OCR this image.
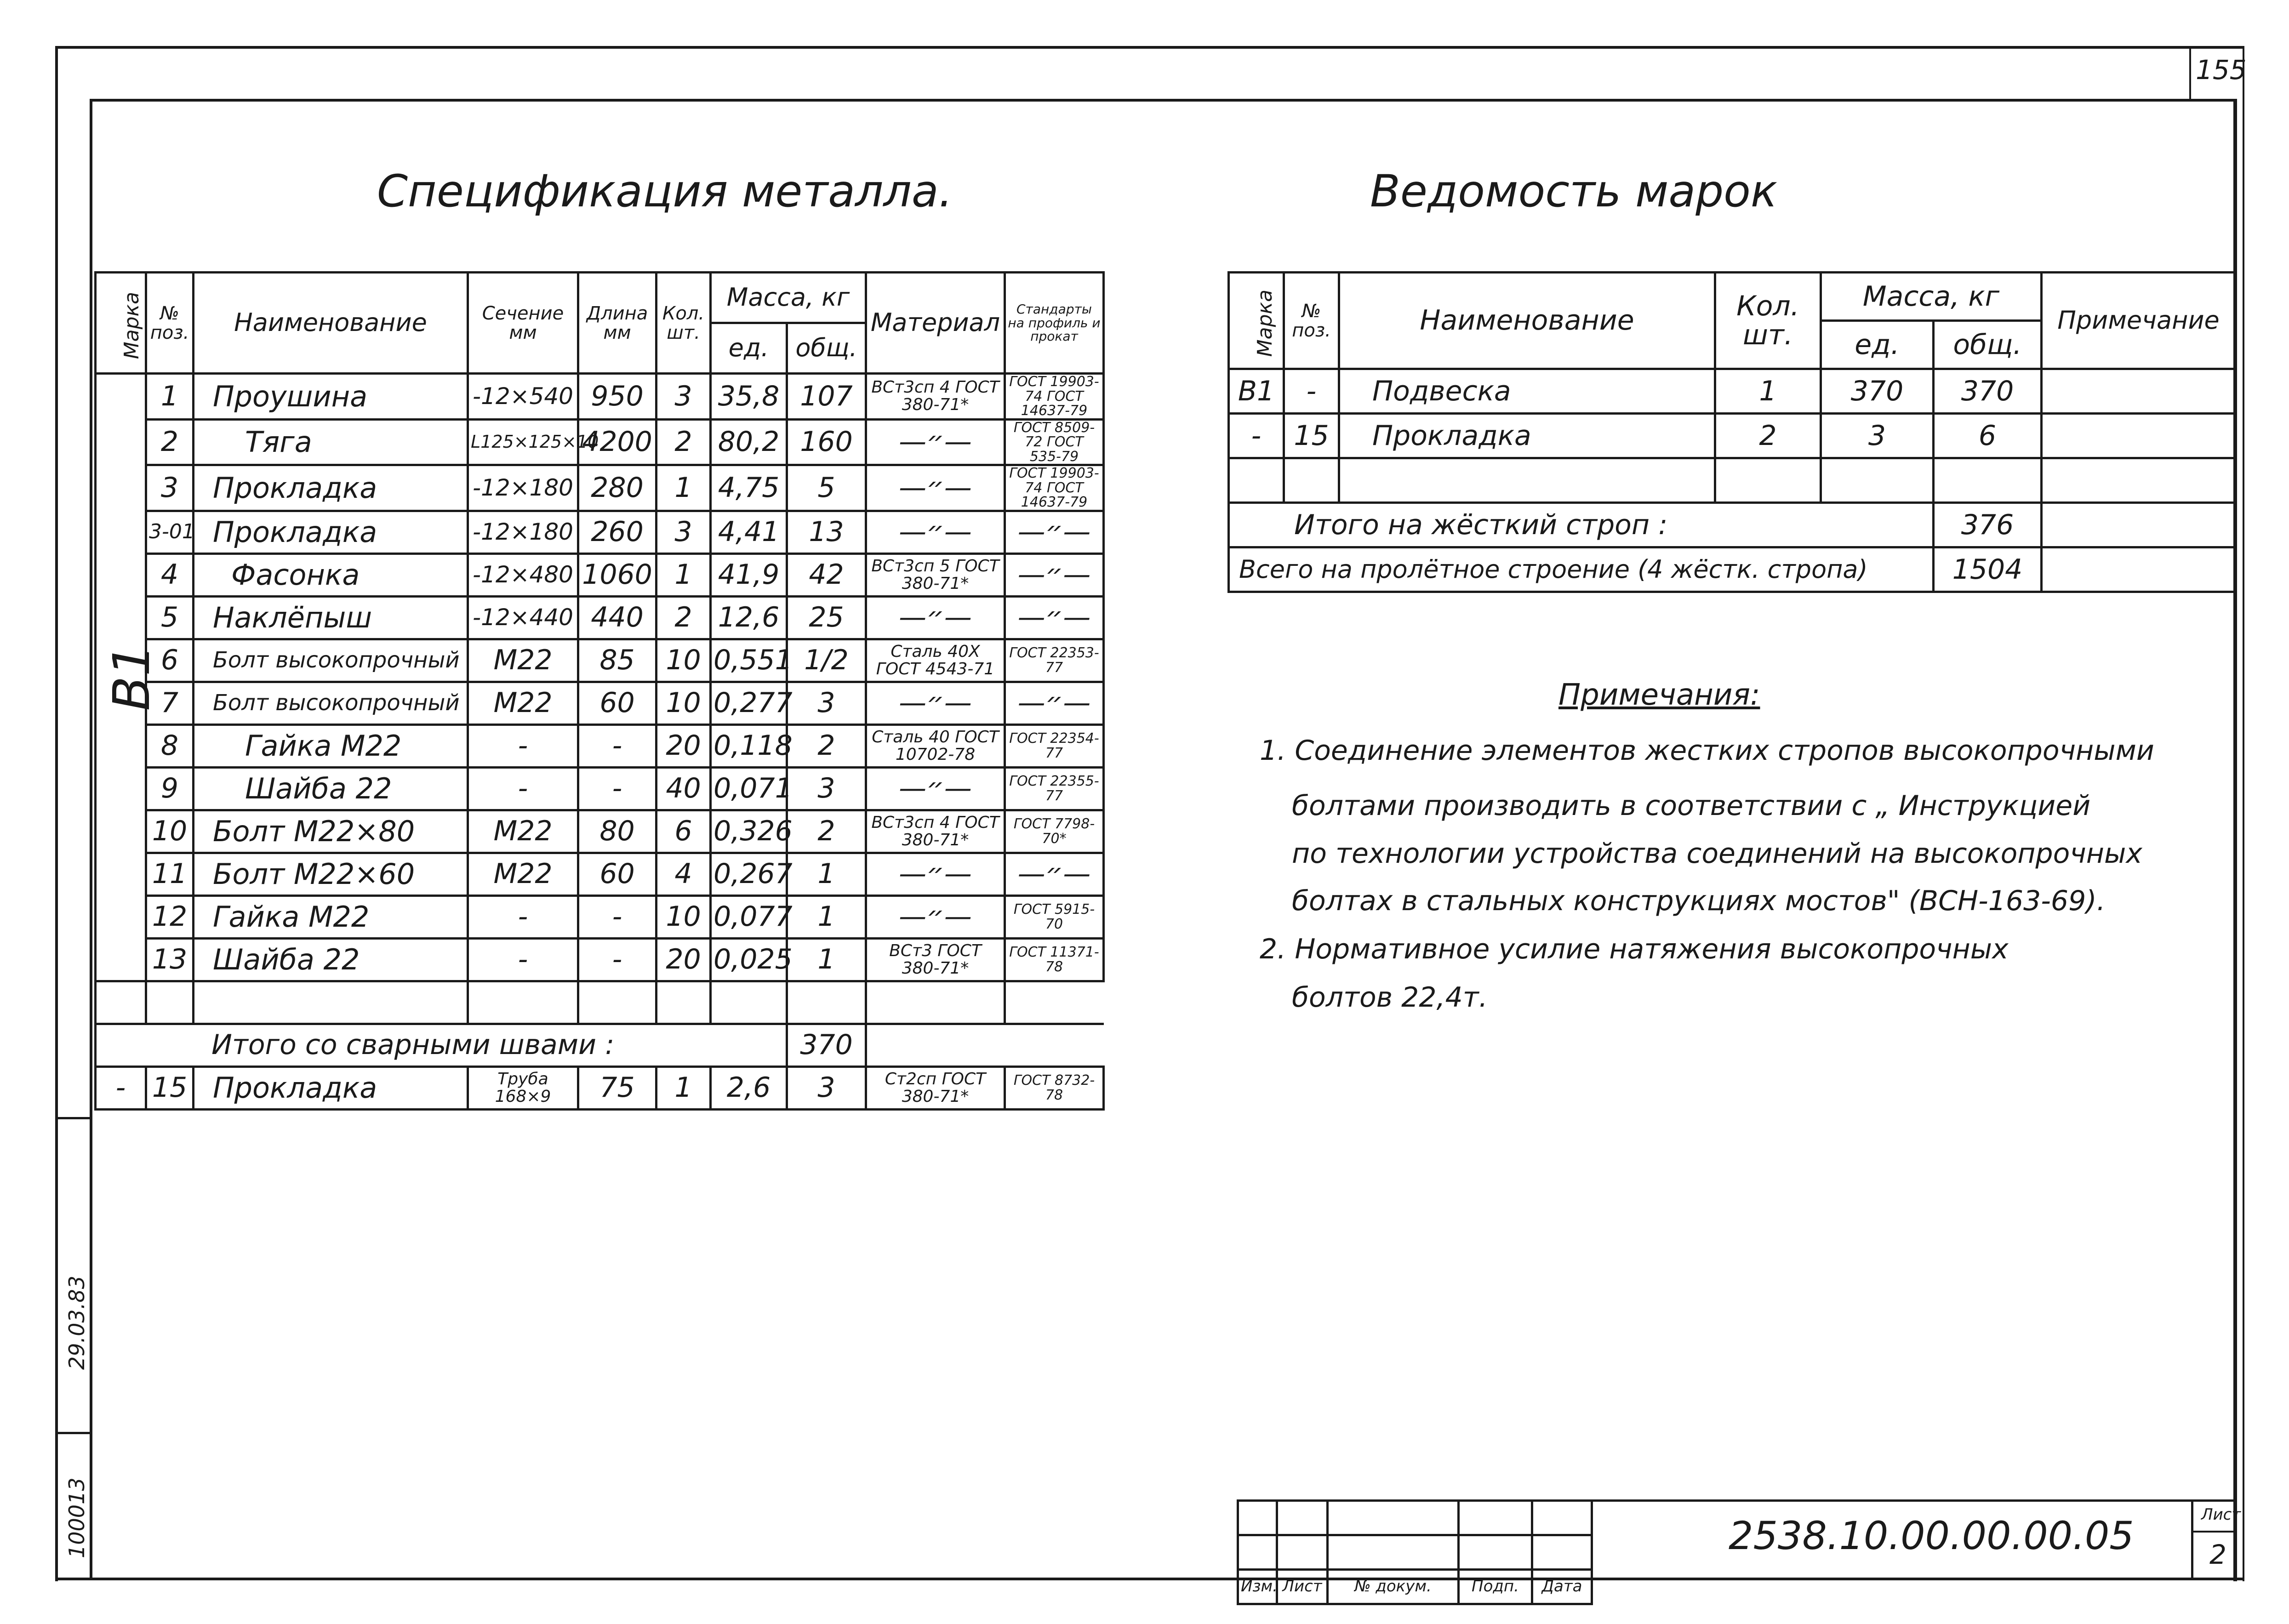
155
29.03.83
100013
Спецификация металла.	Ведомость марок
Марка	№ поз.	Наименование	Сечение мм	Длина мм	Кол. шт.	Масса, кг		Материал	Стандарты на профиль и прокат
						ед.	общ.		
B1	1	Проушина	-12×540	950	3	35,8	107	ВСт3сп 4 ГОСТ 380-71*	ГОСТ 19903-74 ГОСТ 14637-79
	2	Тяга	L125×125×10	4200	2	80,2	160	—״—	ГОСТ 8509-72 ГОСТ 535-79
	3	Прокладка	-12×180	280	1	4,75	5	—״—	ГОСТ 19903-74 ГОСТ 14637-79
	3-01	Прокладка	-12×180	260	3	4,41	13	—״—	—״—
	4	Фасонка	-12×480	1060	1	41,9	42	ВСт3сп 5 ГОСТ 380-71*	—״—
	5	Наклёпыш	-12×440	440	2	12,6	25	—״—	—״—
	6	Болт высокопрочный	М22	85	10	0,551	1/2	Сталь 40Х ГОСТ 4543-71	ГОСТ 22353-77
	7	Болт высокопрочный	М22	60	10	0,277	3	—״—	—״—
	8	Гайка М22	-	-	20	0,118	2	Сталь 40 ГОСТ 10702-78	ГОСТ 22354-77
	9	Шайба 22	-	-	40	0,071	3	—״—	ГОСТ 22355-77
	10	Болт М22×80	М22	80	6	0,326	2	ВСт3сп 4 ГОСТ 380-71*	ГОСТ 7798-70*
	11	Болт М22×60	М22	60	4	0,267	1	—״—	—״—
	12	Гайка М22	-	-	10	0,077	1	—״—	ГОСТ 5915-70
	13	Шайба 22	-	-	20	0,025	1	ВСт3 ГОСТ 380-71*	ГОСТ 11371-78

Итого со сварными швами :							370		
-	15	Прокладка	Труба 168×9	75	1	2,6	3	Ст2сп ГОСТ 380-71*	ГОСТ 8732-78
Марка	№ поз.	Наименование	Кол. шт.	Масса, кг		Примечание
				ед.	общ.	
B1	-	Подвеска	1	370	370	
-	15	Прокладка	2	3	6	

Итого на жёсткий строп :					376	
Всего на пролётное строение (4 жёстк. стропа)					1504	
Примечания:
1. Соединение элементов жестких стропов высокопрочными
болтами производить в соответствии с „ Инструкцией
по технологии устройства соединений на высокопрочных
болтах в стальных конструкциях мостов" (ВСН-163-69).
2. Нормативное усилие натяжения высокопрочных
болтов 22,4т.

Изм.	Лист	№ докум.	Подп.	Дата
2538.10.00.00.00.05	Лист
2
